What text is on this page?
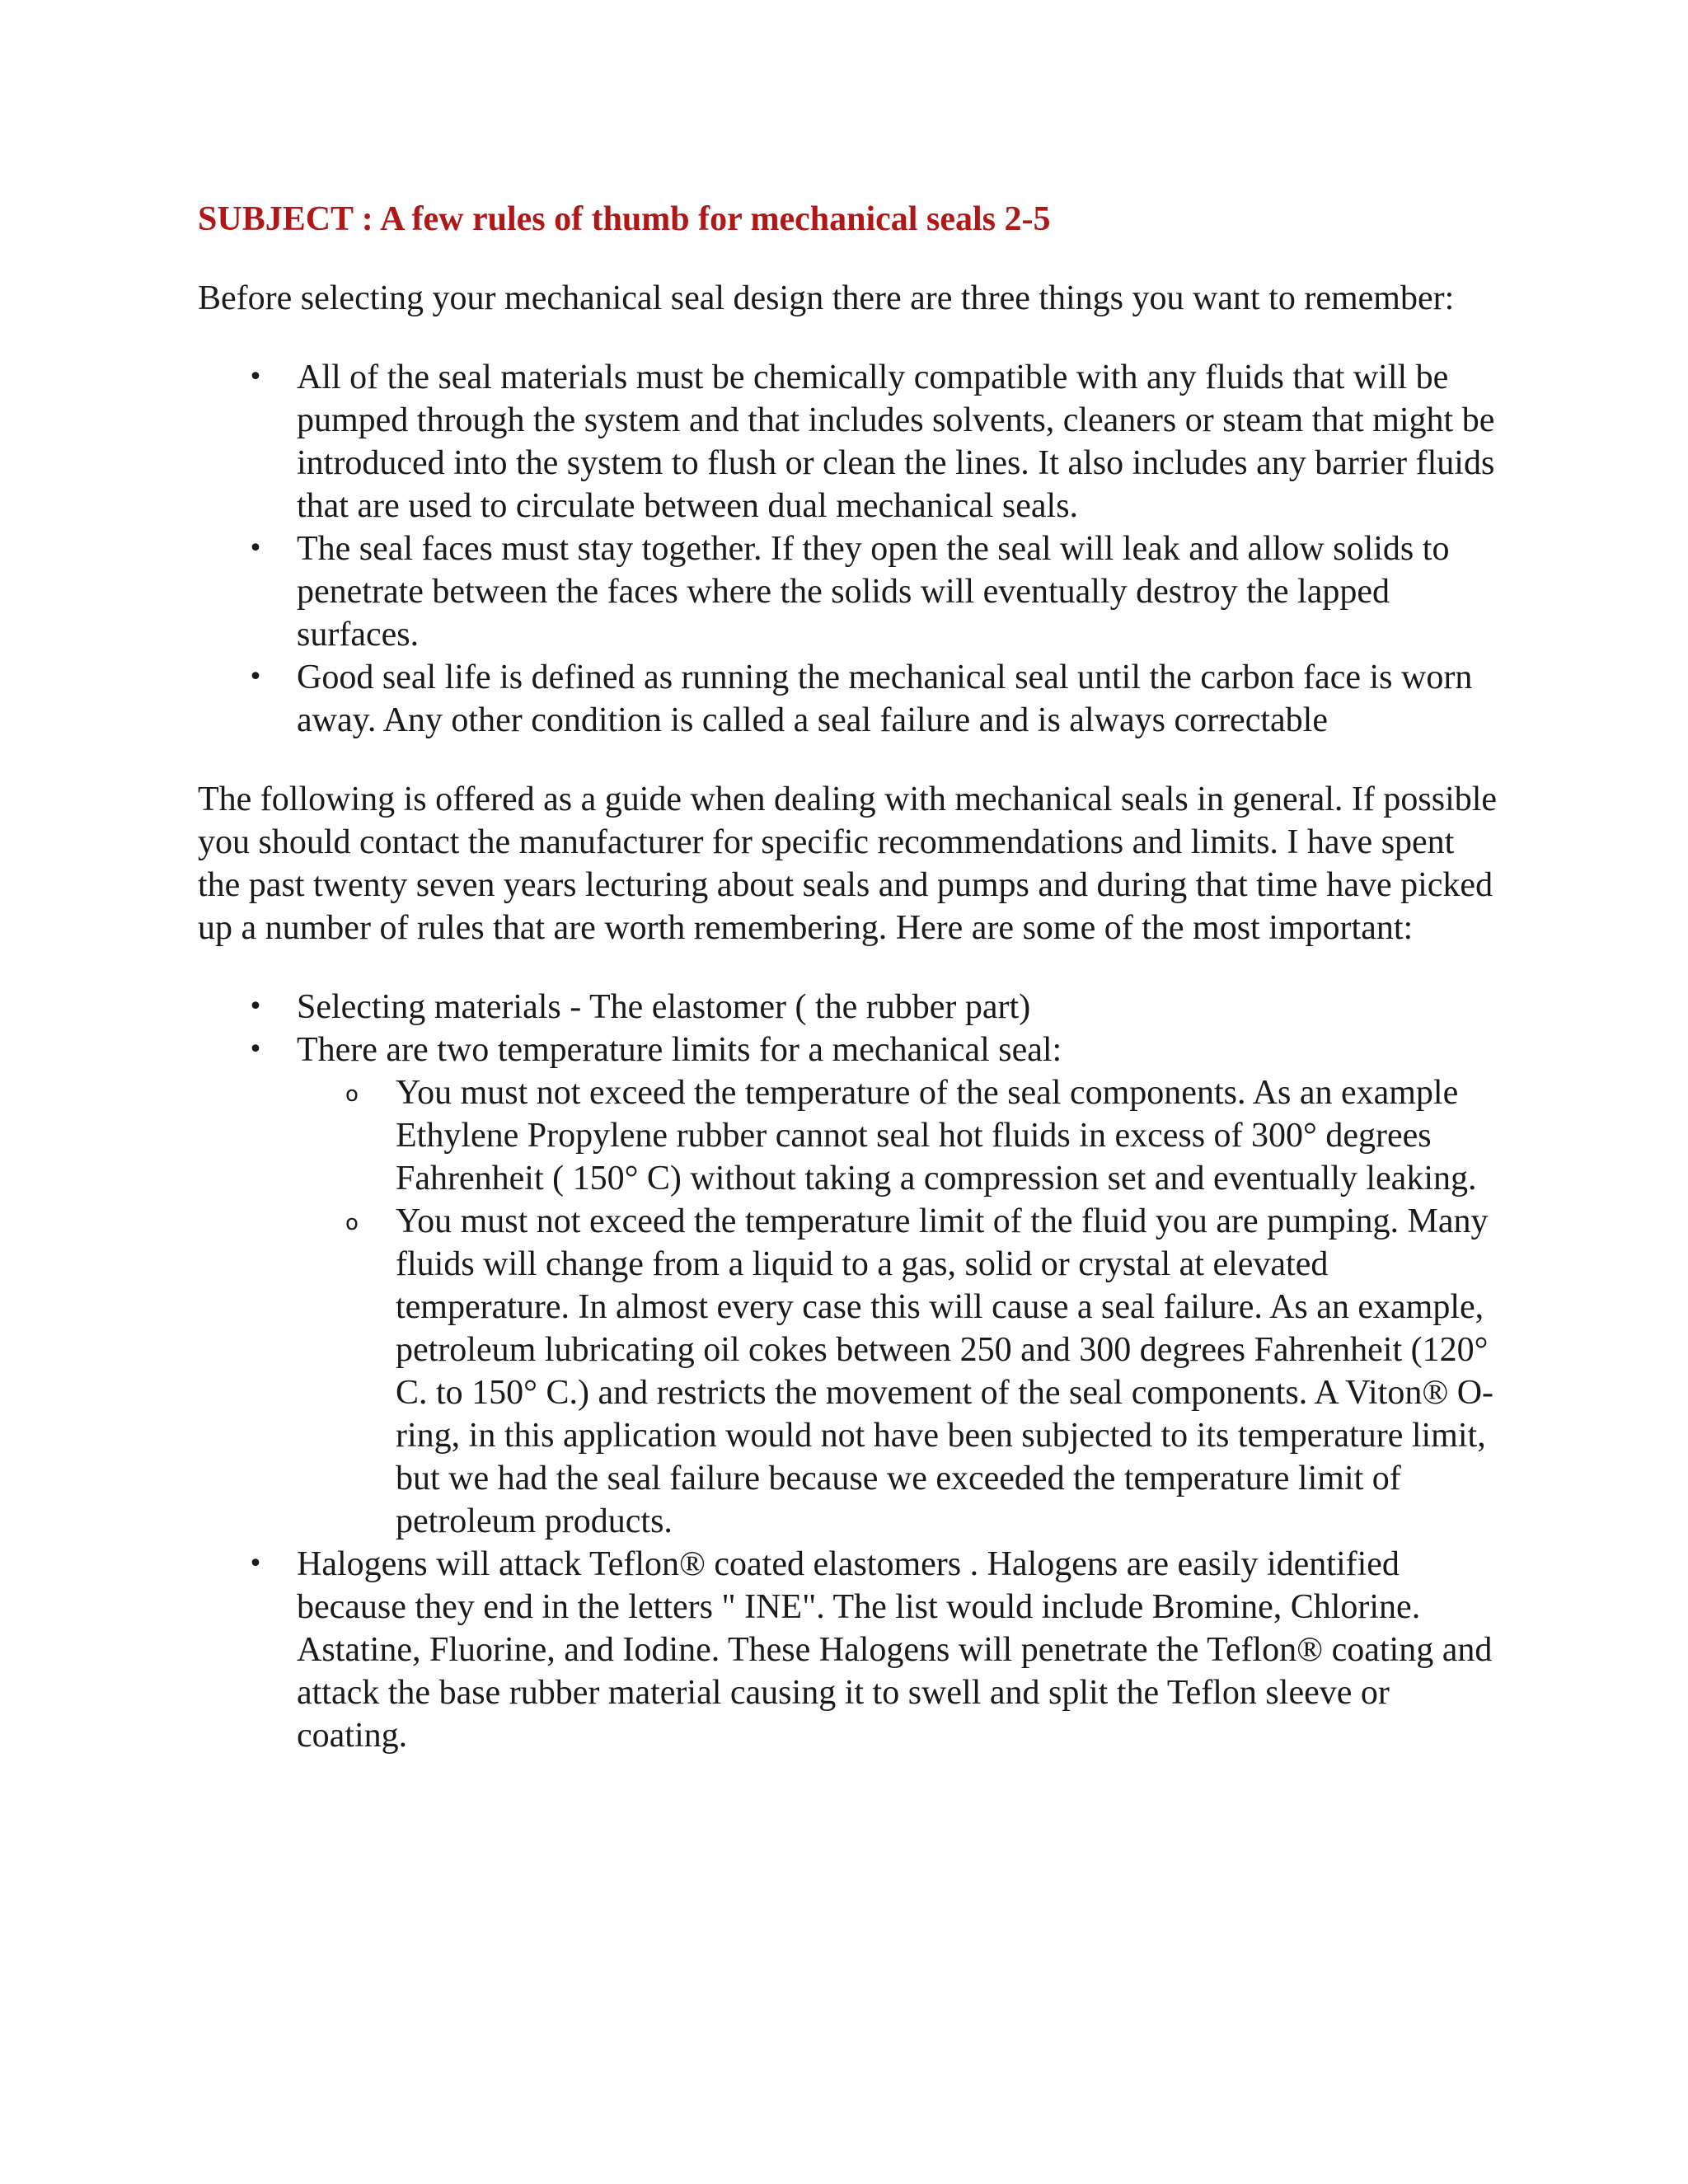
SUBJECT : A few rules of thumb for mechanical seals 2-5

Before selecting your mechanical seal design there are three things you want to remember:

• All of the seal materials must be chemically compatible with any fluids that will be pumped through the system and that includes solvents, cleaners or steam that might be introduced into the system to flush or clean the lines. It also includes any barrier fluids that are used to circulate between dual mechanical seals.
• The seal faces must stay together. If they open the seal will leak and allow solids to penetrate between the faces where the solids will eventually destroy the lapped surfaces.
• Good seal life is defined as running the mechanical seal until the carbon face is worn away. Any other condition is called a seal failure and is always correctable

The following is offered as a guide when dealing with mechanical seals in general. If possible you should contact the manufacturer for specific recommendations and limits. I have spent the past twenty seven years lecturing about seals and pumps and during that time have picked up a number of rules that are worth remembering. Here are some of the most important:

• Selecting materials - The elastomer ( the rubber part)
• There are two temperature limits for a mechanical seal:
o You must not exceed the temperature of the seal components. As an example Ethylene Propylene rubber cannot seal hot fluids in excess of 300° degrees Fahrenheit ( 150° C) without taking a compression set and eventually leaking.
o You must not exceed the temperature limit of the fluid you are pumping. Many fluids will change from a liquid to a gas, solid or crystal at elevated temperature. In almost every case this will cause a seal failure. As an example, petroleum lubricating oil cokes between 250 and 300 degrees Fahrenheit (120° C. to 150° C.) and restricts the movement of the seal components. A Viton® O-ring, in this application would not have been subjected to its temperature limit, but we had the seal failure because we exceeded the temperature limit of petroleum products.
• Halogens will attack Teflon® coated elastomers . Halogens are easily identified because they end in the letters " INE". The list would include Bromine, Chlorine. Astatine, Fluorine, and Iodine. These Halogens will penetrate the Teflon® coating and attack the base rubber material causing it to swell and split the Teflon sleeve or coating.
